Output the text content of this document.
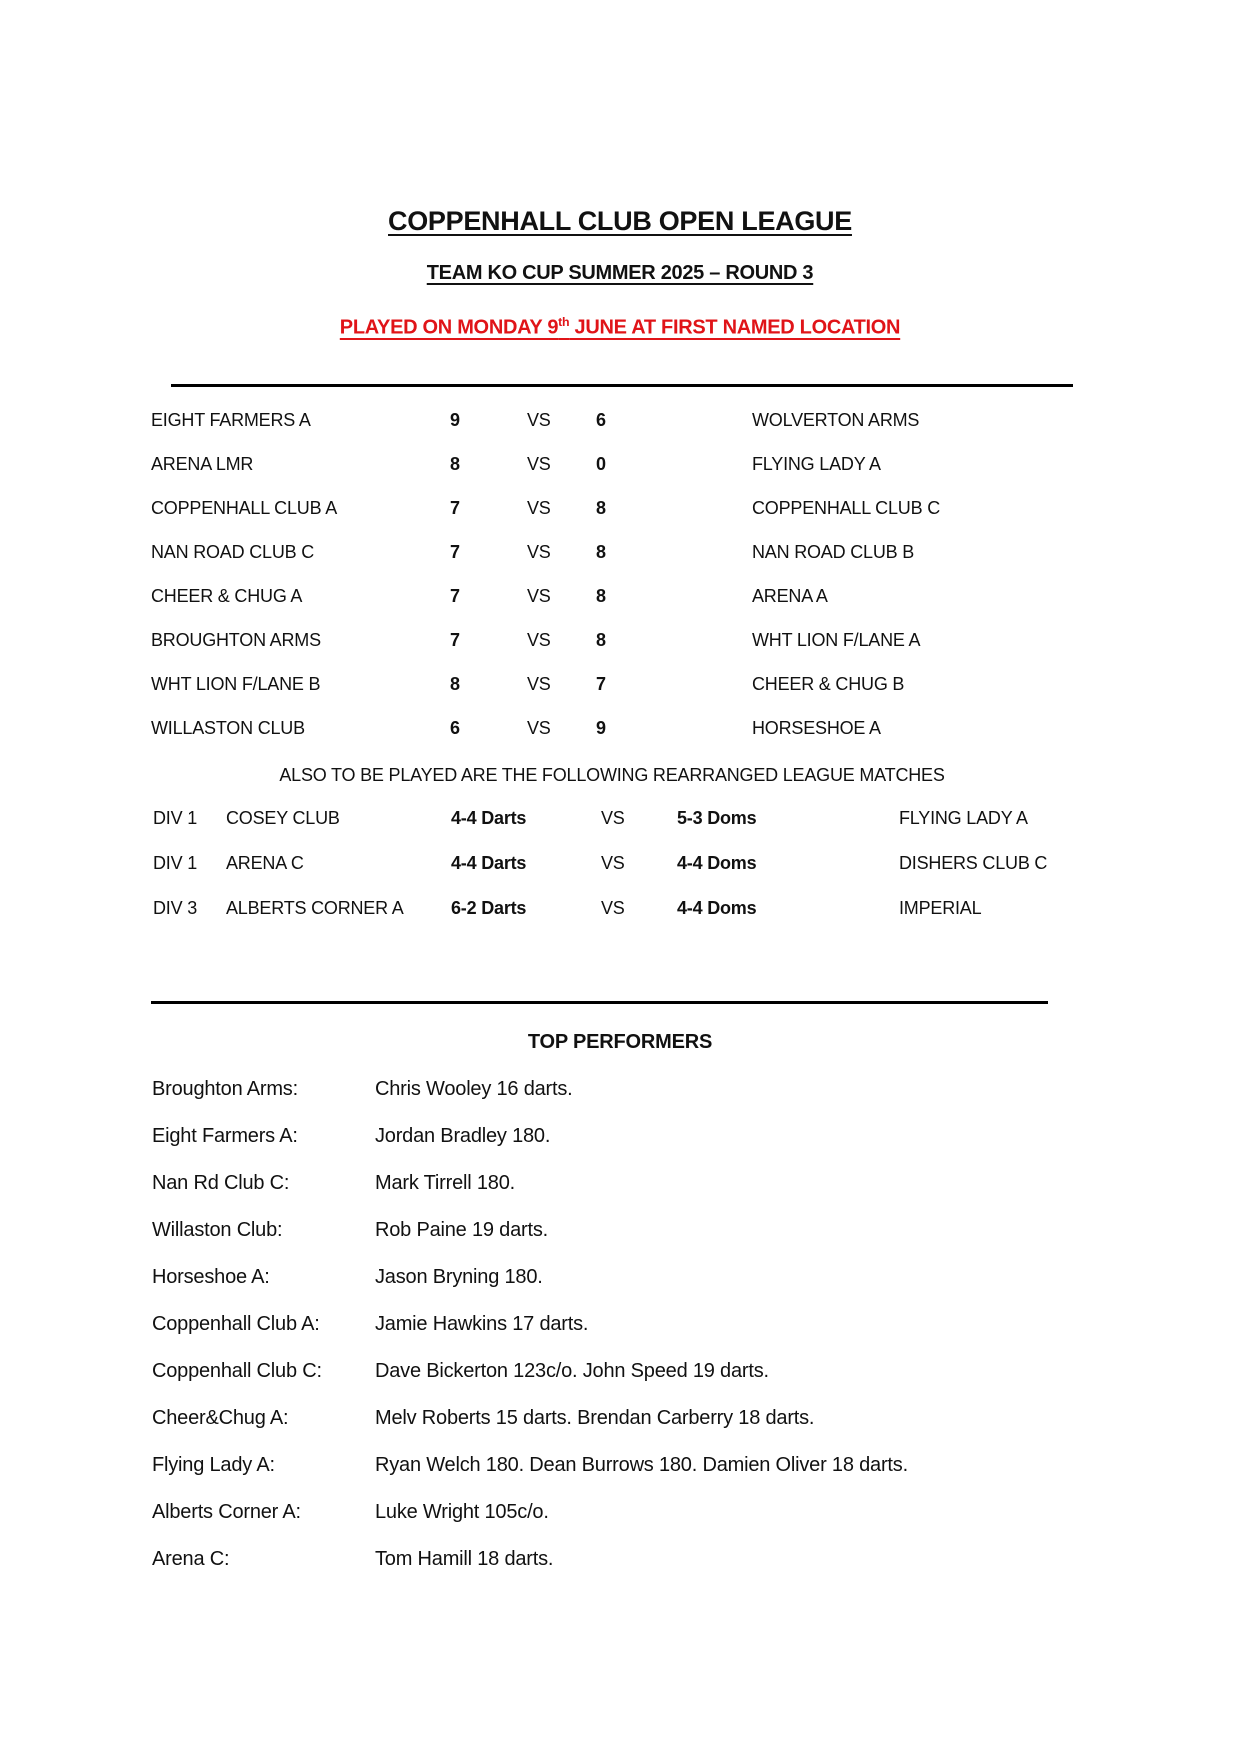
COPPENHALL CLUB OPEN LEAGUE
TEAM KO CUP SUMMER 2025 – ROUND 3
PLAYED ON MONDAY 9th JUNE AT FIRST NAMED LOCATION
EIGHT FARMERS A	9	VS	6	WOLVERTON ARMS
ARENA LMR	8	VS	0	FLYING LADY A
COPPENHALL CLUB A	7	VS	8	COPPENHALL CLUB C
NAN ROAD CLUB C	7	VS	8	NAN ROAD CLUB B
CHEER & CHUG A	7	VS	8	ARENA A
BROUGHTON ARMS	7	VS	8	WHT LION F/LANE A
WHT LION F/LANE B	8	VS	7	CHEER & CHUG B
WILLASTON CLUB	6	VS	9	HORSESHOE A
ALSO TO BE PLAYED ARE THE FOLLOWING REARRANGED LEAGUE MATCHES
DIV 1	COSEY CLUB	4-4 Darts	VS	5-3 Doms	FLYING LADY A
DIV 1	ARENA C	4-4 Darts	VS	4-4 Doms	DISHERS CLUB C
DIV 3	ALBERTS CORNER A	6-2 Darts	VS	4-4 Doms	IMPERIAL
TOP PERFORMERS
Broughton Arms:	Chris Wooley 16 darts.
Eight Farmers A:	Jordan Bradley 180.
Nan Rd Club C:	Mark Tirrell 180.
Willaston Club:	Rob Paine 19 darts.
Horseshoe A:	Jason Bryning 180.
Coppenhall Club A:	Jamie Hawkins 17 darts.
Coppenhall Club C:	Dave Bickerton 123c/o. John Speed 19 darts.
Cheer&Chug A:	Melv Roberts 15 darts. Brendan Carberry 18 darts.
Flying Lady A:	Ryan Welch 180. Dean Burrows 180. Damien Oliver 18 darts.
Alberts Corner A:	Luke Wright 105c/o.
Arena C:	Tom Hamill 18 darts.
